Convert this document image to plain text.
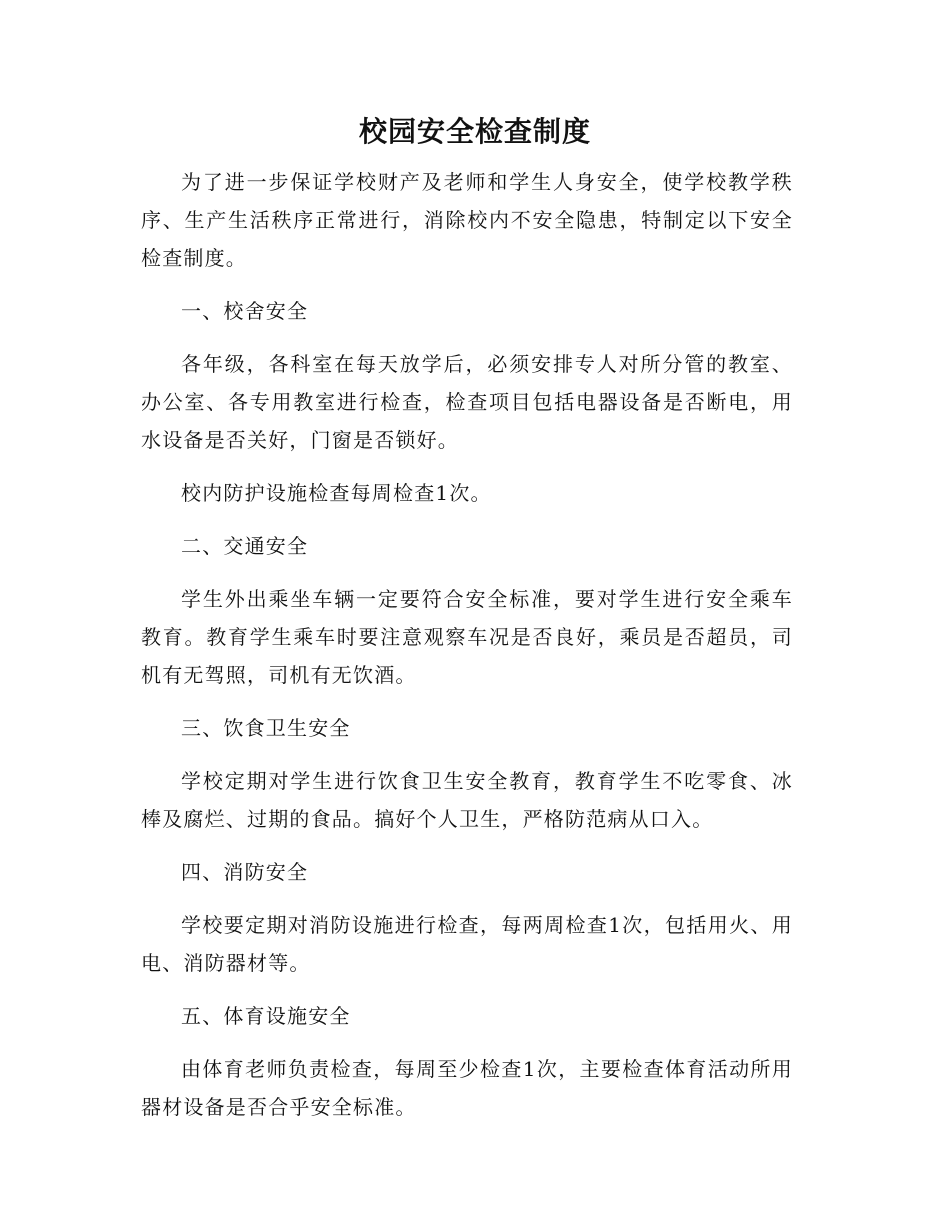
校园安全检查制度

为了进一步保证学校财产及老师和学生人身安全，使学校教学秩序、生产生活秩序正常进行，消除校内不安全隐患，特制定以下安全检查制度。

一、校舍安全

各年级，各科室在每天放学后，必须安排专人对所分管的教室、办公室、各专用教室进行检查，检查项目包括电器设备是否断电，用水设备是否关好，门窗是否锁好。

校内防护设施检查每周检查1次。

二、交通安全

学生外出乘坐车辆一定要符合安全标准，要对学生进行安全乘车教育。教育学生乘车时要注意观察车况是否良好，乘员是否超员，司机有无驾照，司机有无饮酒。

三、饮食卫生安全

学校定期对学生进行饮食卫生安全教育，教育学生不吃零食、冰棒及腐烂、过期的食品。搞好个人卫生，严格防范病从口入。

四、消防安全

学校要定期对消防设施进行检查，每两周检查1次，包括用火、用电、消防器材等。

五、体育设施安全

由体育老师负责检查，每周至少检查1次，主要检查体育活动所用器材设备是否合乎安全标准。
